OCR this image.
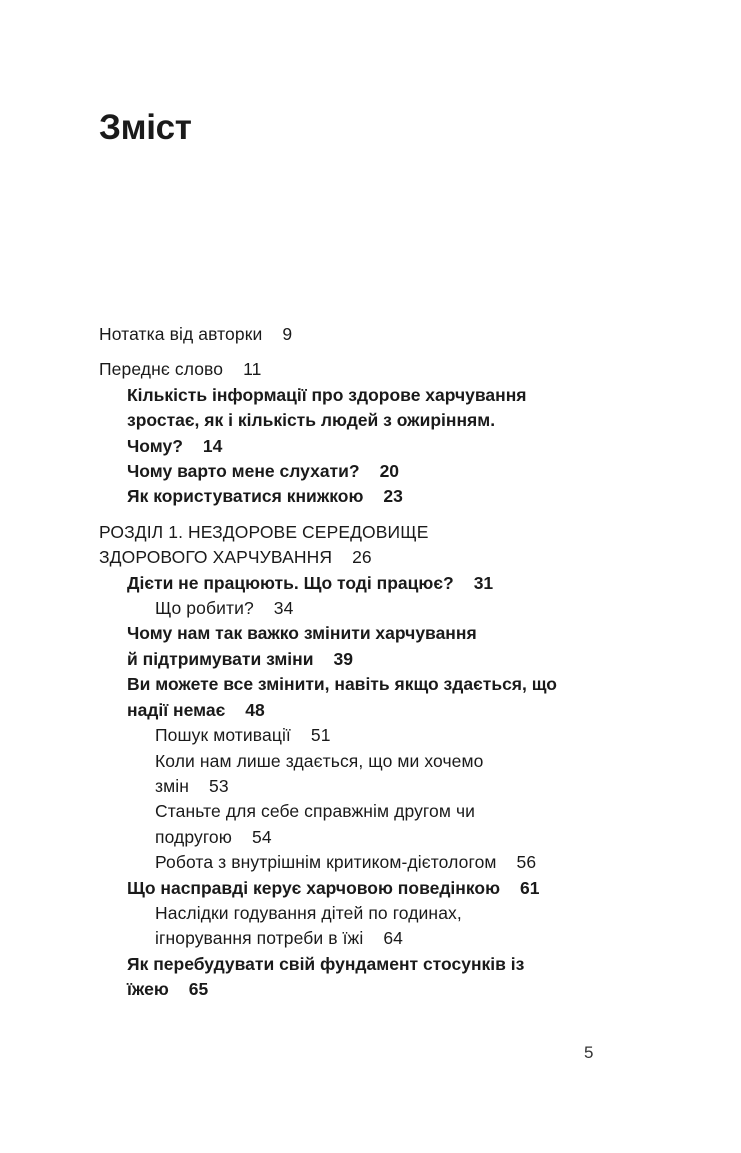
Зміст
Нотатка від авторки 9
Переднє слово 11
Кількість інформації про здорове харчування
зростає, як і кількість людей з ожирінням.
Чому? 14
Чому варто мене слухати? 20
Як користуватися книжкою 23
РОЗДІЛ 1. НЕЗДОРОВЕ СЕРЕДОВИЩЕ
ЗДОРОВОГО ХАРЧУВАННЯ 26
Дієти не працюють. Що тоді працює? 31
Що робити? 34
Чому нам так важко змінити харчування
й підтримувати зміни 39
Ви можете все змінити, навіть якщо здається, що
надії немає 48
Пошук мотивації 51
Коли нам лише здається, що ми хочемо
змін 53
Станьте для себе справжнім другом чи
подругою 54
Робота з внутрішнім критиком-дієтологом 56
Що насправді керує харчовою поведінкою 61
Наслідки годування дітей по годинах,
ігнорування потреби в їжі 64
Як перебудувати свій фундамент стосунків із
їжею 65
5
